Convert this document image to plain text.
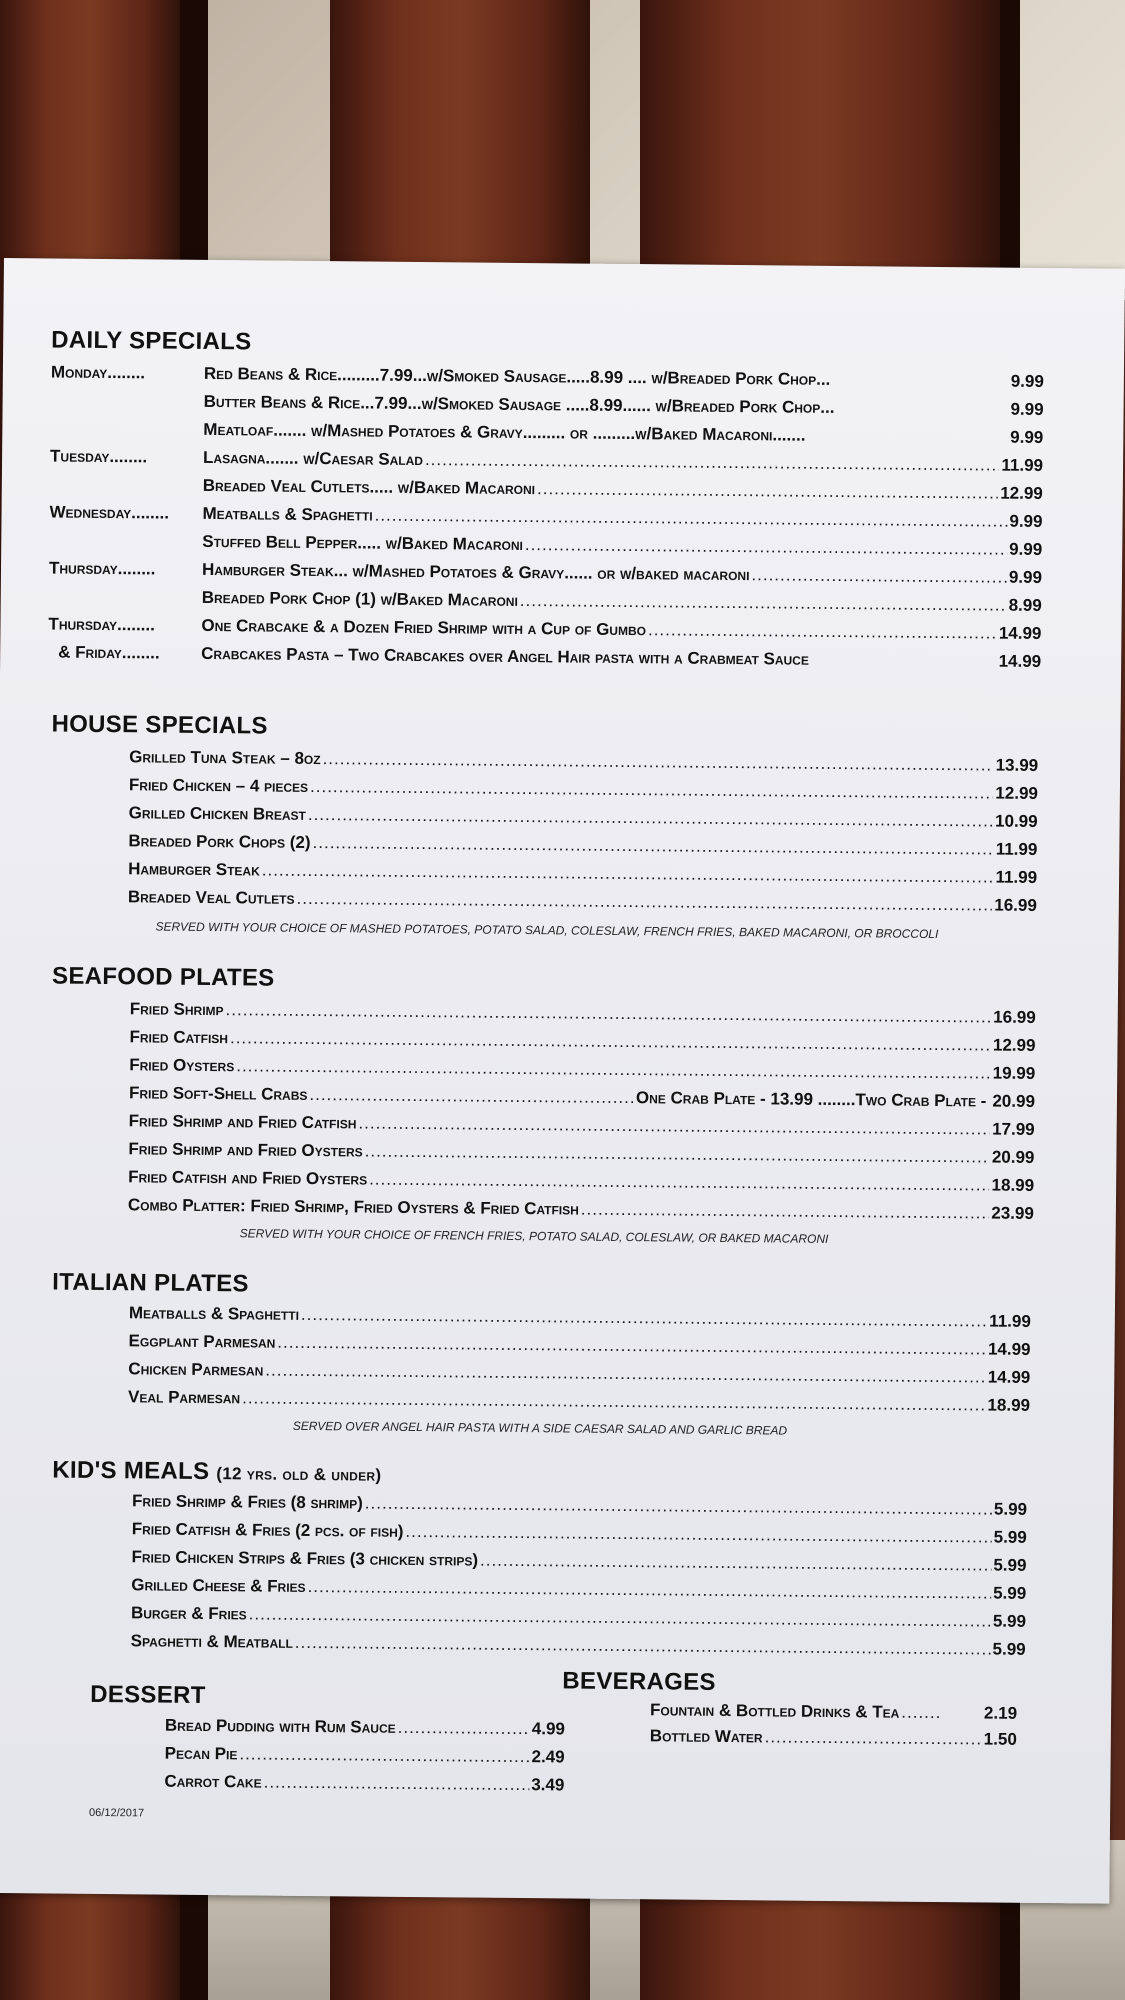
DAILY SPECIALS
Monday........	Red Beans & Rice.........7.99...w/Smoked Sausage.....8.99 .... w/Breaded Pork Chop...	9.99
Butter Beans & Rice...7.99...w/Smoked Sausage .....8.99...... w/Breaded Pork Chop...	9.99
Meatloaf....... w/Mashed Potatoes & Gravy......... or .........w/Baked Macaroni.......	9.99
Tuesday........	Lasagna....... w/Caesar Salad .....	11.99
Breaded Veal Cutlets..... w/Baked Macaroni .....	12.99
Wednesday........	Meatballs & Spaghetti .....	9.99
Stuffed Bell Pepper..... w/Baked Macaroni .....	9.99
Thursday........	Hamburger Steak... w/Mashed Potatoes & Gravy...... or w/baked macaroni .....	9.99
Breaded Pork Chop (1) w/Baked Macaroni .....	8.99
Thursday........	One Crabcake & a Dozen Fried Shrimp with a Cup of Gumbo .....	14.99
& Friday........	Crabcakes Pasta – Two Crabcakes over Angel Hair pasta with a Crabmeat Sauce	14.99
HOUSE SPECIALS
Grilled Tuna Steak – 8oz .....	13.99
Fried Chicken – 4 pieces .....	12.99
Grilled Chicken Breast .....	10.99
Breaded Pork Chops (2) .....	11.99
Hamburger Steak .....	11.99
Breaded Veal Cutlets .....	16.99
SERVED WITH YOUR CHOICE OF MASHED POTATOES, POTATO SALAD, COLESLAW, FRENCH FRIES, BAKED MACARONI, OR BROCCOLI
SEAFOOD PLATES
Fried Shrimp .....	16.99
Fried Catfish .....	12.99
Fried Oysters .....	19.99
Fried Soft-Shell Crabs .....	One Crab Plate - 13.99 ........Two Crab Plate - 20.99
Fried Shrimp and Fried Catfish .....	17.99
Fried Shrimp and Fried Oysters .....	20.99
Fried Catfish and Fried Oysters .....	18.99
Combo Platter: Fried Shrimp, Fried Oysters & Fried Catfish .....	23.99
SERVED WITH YOUR CHOICE OF FRENCH FRIES, POTATO SALAD, COLESLAW, OR BAKED MACARONI
ITALIAN PLATES
Meatballs & Spaghetti .....	11.99
Eggplant Parmesan .....	14.99
Chicken Parmesan .....	14.99
Veal Parmesan .....	18.99
SERVED OVER ANGEL HAIR PASTA WITH A SIDE CAESAR SALAD AND GARLIC BREAD
KID'S MEALS (12 yrs. old & under)
Fried Shrimp & Fries (8 shrimp) .....	5.99
Fried Catfish & Fries (2 pcs. of fish) .....	5.99
Fried Chicken Strips & Fries (3 chicken strips) .....	5.99
Grilled Cheese & Fries .....	5.99
Burger & Fries .....	5.99
Spaghetti & Meatball .....	5.99
DESSERT
Bread Pudding with Rum Sauce .....	4.99
Pecan Pie .....	2.49
Carrot Cake .....	3.49
BEVERAGES
Fountain & Bottled Drinks & Tea .....	2.19
Bottled Water .....	1.50
06/12/2017
